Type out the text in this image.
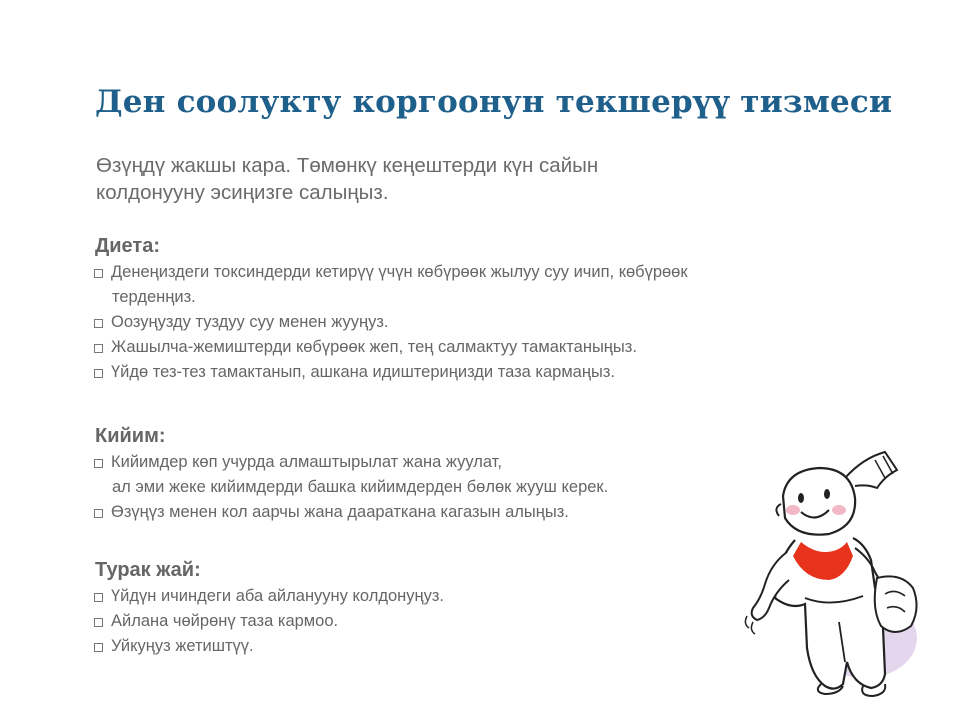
Ден соолукту коргоонун текшерүү тизмеси
Өзүңдү жакшы кара. Төмөнкү кеңештерди күн сайын
колдонууну эсиңизге салыңыз.
Диета:
Денеңиздеги токсиндерди кетирүү үчүн көбүрөөк жылуу суу ичип, көбүрөөк
терденңиз.
Оозуңузду туздуу суу менен жууңуз.
Жашылча-жемиштерди көбүрөөк жеп, тең салмактуу тамактаныңыз.
Үйдө тез-тез тамактанып, ашкана идиштериңизди таза кармаңыз.
Кийим:
Кийимдер көп учурда алмаштырылат жана жуулат,
ал эми жеке кийимдерди башка кийимдерден бөлөк жууш керек.
Өзүңүз менен кол аарчы жана дааратканa кагазын алыңыз.
Турак жай:
Үйдүн ичиндеги аба айланууну колдонуңуз.
Айлана чөйрөнү таза кармоо.
Уйкуңуз жетиштүү.
